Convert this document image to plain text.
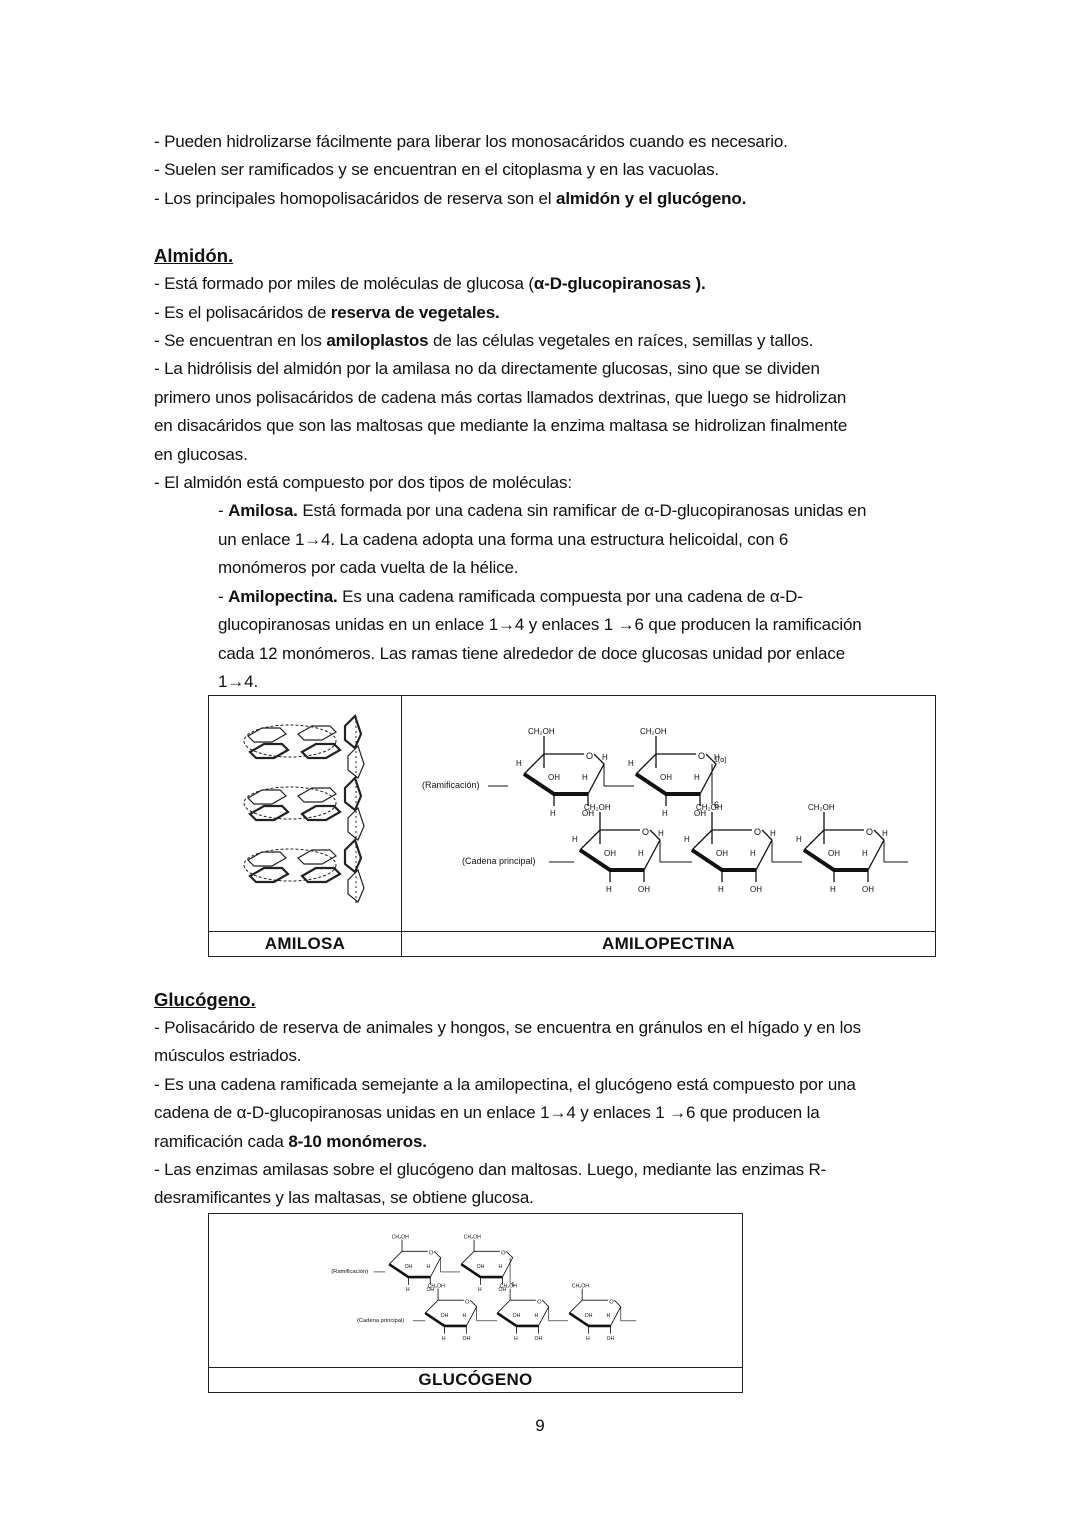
- Pueden hidrolizarse fácilmente para liberar los monosacáridos cuando es necesario.
- Suelen ser ramificados y se encuentran en el citoplasma y en las vacuolas.
- Los principales homopolisacáridos de reserva son el almidón y el glucógeno.
Almidón.
- Está formado por miles de moléculas de glucosa (α-D-glucopiranosas ).
- Es el polisacáridos de reserva de vegetales.
- Se encuentran en los amiloplastos de las células vegetales en raíces, semillas y tallos.
- La hidrólisis del almidón por la amilasa no da directamente glucosas, sino que se dividen
primero unos polisacáridos de cadena más cortas llamados dextrinas, que luego se hidrolizan
en disacáridos que son las maltosas que mediante la enzima maltasa se hidrolizan finalmente
en glucosas.
- El almidón está compuesto por dos tipos de moléculas:
- Amilosa. Está formada por una cadena sin ramificar de α-D-glucopiranosas unidas en
un enlace 1→4. La cadena adopta una forma una estructura helicoidal, con 6
monómeros por cada vuelta de la hélice.
- Amilopectina. Es una cadena ramificada compuesta por una cadena de α-D-
glucopiranosas unidas en un enlace 1→4 y enlaces 1 →6 que producen la ramificación
cada 12 monómeros. Las ramas tiene alrededor de doce glucosas unidad por enlace
1→4.

O
OH	H
H	OH
H
(Ramificación)
1(α)
(Cadena principal)

AMILOSA	AMILOPECTINA
Glucógeno.
- Polisacárido de reserva de animales y hongos, se encuentra en gránulos en el hígado y en los
músculos estriados.
- Es una cadena ramificada semejante a la amilopectina, el glucógeno está compuesto por una
cadena de α-D-glucopiranosas unidas en un enlace 1→4 y enlaces 1 →6 que producen la
ramificación cada 8-10 monómeros.
- Las enzimas amilasas sobre el glucógeno dan maltosas. Luego, mediante las enzimas R-
desramificantes y las maltasas, se obtiene glucosa.
O
OH	H
H	OH
(Ramificación)
(Cadena principal)

GLUCÓGENO
9
